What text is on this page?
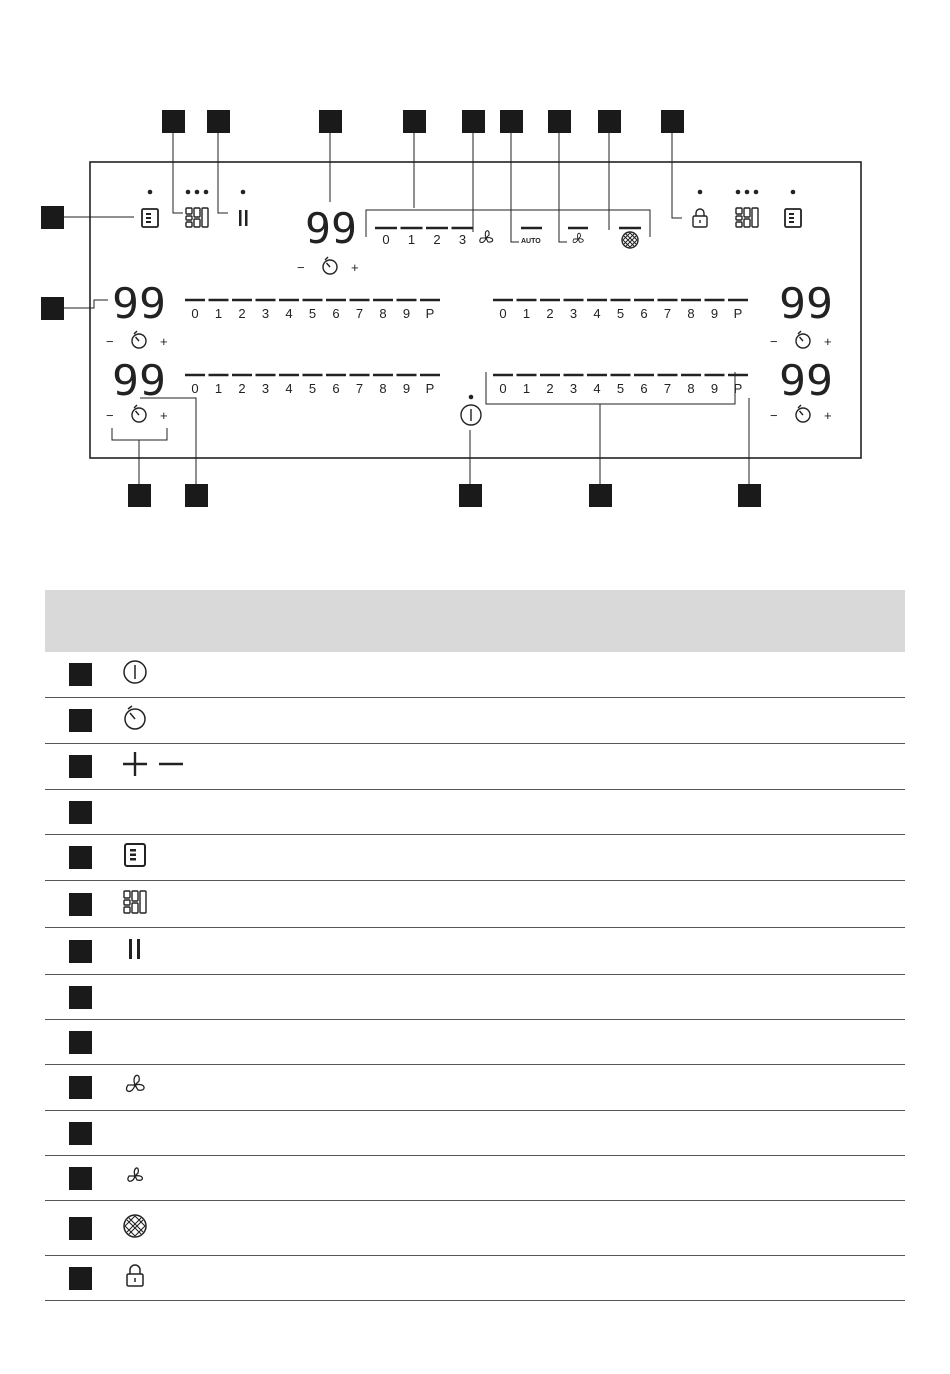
99
−	+
0 1 2 3	AUTO
99
99
99
99
−	+
−	+
−	+
−	+
0 1 2 3 4 5 6 7 8 9 P	0 1 2 3 4 5 6 7 8 9 P
0 1 2 3 4 5 6 7 8 9 P	0 1 2 3 4 5 6 7 8 9 P
